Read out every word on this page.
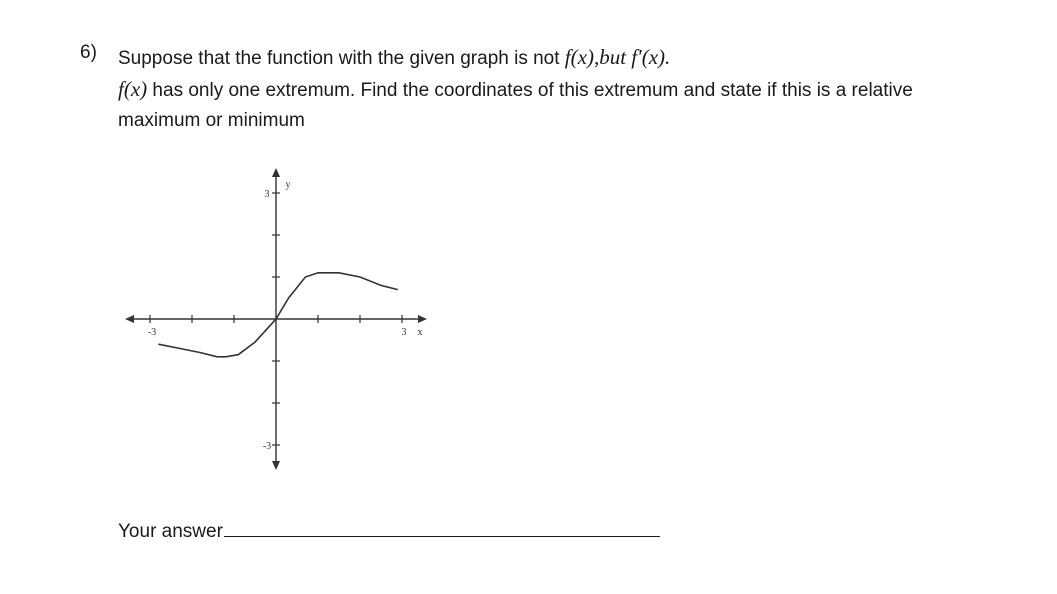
6) Suppose that the function with the given graph is not f(x),but f′(x).
f(x) has only one extremum. Find the coordinates of this extremum and state if this is a relative
maximum or minimum
-3	3
3
-3
x
y
Your answer
